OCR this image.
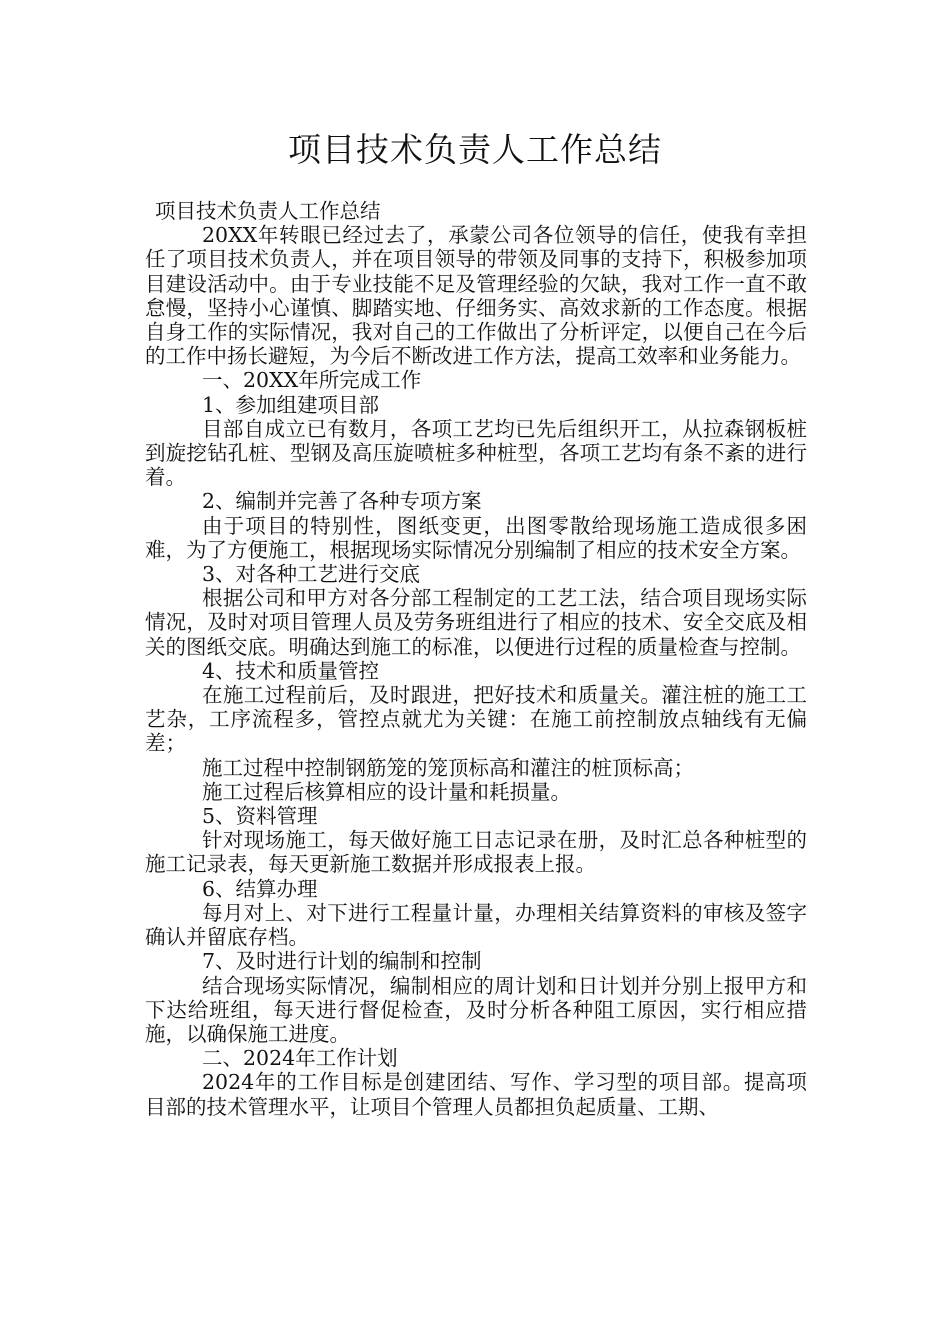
项目技术负责人工作总结

项目技术负责人工作总结

20XX年转眼已经过去了，承蒙公司各位领导的信任，使我有幸担任了项目技术负责人，并在项目领导的带领及同事的支持下，积极参加项目建设活动中。由于专业技能不足及管理经验的欠缺，我对工作一直不敢怠慢，坚持小心谨慎、脚踏实地、仔细务实、高效求新的工作态度。根据自身工作的实际情况，我对自己的工作做出了分析评定，以便自己在今后的工作中扬长避短，为今后不断改进工作方法，提高工效率和业务能力。

一、20XX年所完成工作

1、参加组建项目部

目部自成立已有数月，各项工艺均已先后组织开工，从拉森钢板桩到旋挖钻孔桩、型钢及高压旋喷桩多种桩型，各项工艺均有条不紊的进行着。

2、编制并完善了各种专项方案

由于项目的特别性，图纸变更，出图零散给现场施工造成很多困难，为了方便施工，根据现场实际情况分别编制了相应的技术安全方案。

3、对各种工艺进行交底

根据公司和甲方对各分部工程制定的工艺工法，结合项目现场实际情况，及时对项目管理人员及劳务班组进行了相应的技术、安全交底及相关的图纸交底。明确达到施工的标准，以便进行过程的质量检查与控制。

4、技术和质量管控

在施工过程前后，及时跟进，把好技术和质量关。灌注桩的施工工艺杂，工序流程多，管控点就尤为关键：在施工前控制放点轴线有无偏差；

施工过程中控制钢筋笼的笼顶标高和灌注的桩顶标高；

施工过程后核算相应的设计量和耗损量。

5、资料管理

针对现场施工，每天做好施工日志记录在册，及时汇总各种桩型的施工记录表，每天更新施工数据并形成报表上报。

6、结算办理

每月对上、对下进行工程量计量，办理相关结算资料的审核及签字确认并留底存档。

7、及时进行计划的编制和控制

结合现场实际情况，编制相应的周计划和日计划并分别上报甲方和下达给班组，每天进行督促检查，及时分析各种阻工原因，实行相应措施，以确保施工进度。

二、2024年工作计划

2024年的工作目标是创建团结、写作、学习型的项目部。提高项目部的技术管理水平，让项目个管理人员都担负起质量、工期、
